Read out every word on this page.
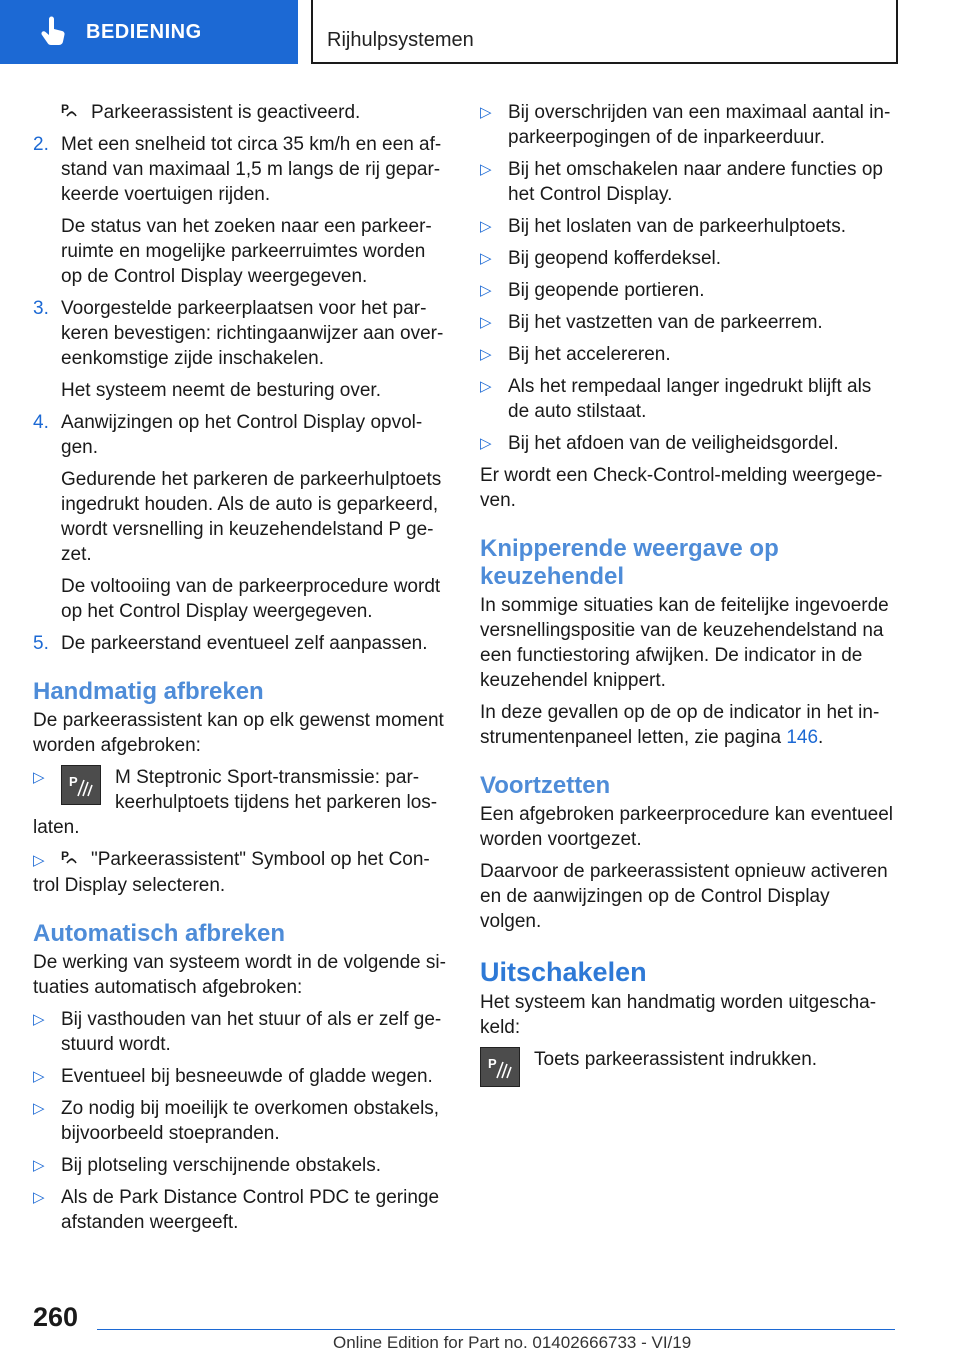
BEDIENING	Rijhulpsystemen

P Parkeerassistent is geactiveerd.

2. Met een snelheid tot circa 35 km/h en een af-stand van maximaal 1,5 m langs de rij gepar-keerde voertuigen rijden.
De status van het zoeken naar een parkeer-ruimte en mogelijke parkeerruimtes worden op de Control Display weergegeven.
3. Voorgestelde parkeerplaatsen voor het par-keren bevestigen: richtingaanwijzer aan over-eenkomstige zijde inschakelen.
Het systeem neemt de besturing over.
4. Aanwijzingen op het Control Display opvol-gen.
Gedurende het parkeren de parkeerhulptoets ingedrukt houden. Als de auto is geparkeerd, wordt versnelling in keuzehendelstand P ge-zet.
De voltooiing van de parkeerprocedure wordt op het Control Display weergegeven.
5. De parkeerstand eventueel zelf aanpassen.
Handmatig afbreken

De parkeerassistent kan op elk gewenst moment worden afgebroken:

▷	P M Steptronic Sport-transmissie: par-keerhulptoets tijdens het parkeren los-laten.
▷ P "Parkeerassistent" Symbool op het Con-trol Display selecteren.
Automatisch afbreken

De werking van systeem wordt in de volgende si-tuaties automatisch afgebroken:

▷ Bij vasthouden van het stuur of als er zelf ge-stuurd wordt.
▷ Eventueel bij besneeuwde of gladde wegen.
▷ Zo nodig bij moeilijk te overkomen obstakels, bijvoorbeeld stoepranden.
▷ Bij plotseling verschijnende obstakels.
▷ Als de Park Distance Control PDC te geringe afstanden weergeeft.
▷ Bij overschrijden van een maximaal aantal in-parkeerpogingen of de inparkeerduur.
▷ Bij het omschakelen naar andere functies op het Control Display.
▷ Bij het loslaten van de parkeerhulptoets.
▷ Bij geopend kofferdeksel.
▷ Bij geopende portieren.
▷ Bij het vastzetten van de parkeerrem.
▷ Bij het accelereren.
▷ Als het rempedaal langer ingedrukt blijft als de auto stilstaat.
▷ Bij het afdoen van de veiligheidsgordel.

Er wordt een Check-Control-melding weergege-ven.

Knipperende weergave op keuzehendel

In sommige situaties kan de feitelijke ingevoerde versnellingspositie van de keuzehendelstand na een functiestoring afwijken. De indicator in de keuzehendel knippert.

In deze gevallen op de op de indicator in het in-strumentenpaneel letten, zie pagina 146.

Voortzetten

Een afgebroken parkeerprocedure kan eventueel worden voortgezet.

Daarvoor de parkeerassistent opnieuw activeren en de aanwijzingen op de Control Display volgen.

Uitschakelen

Het systeem kan handmatig worden uitgescha-keld:

P Toets parkeerassistent indrukken.
260
Online Edition for Part no. 01402666733 - VI/19
